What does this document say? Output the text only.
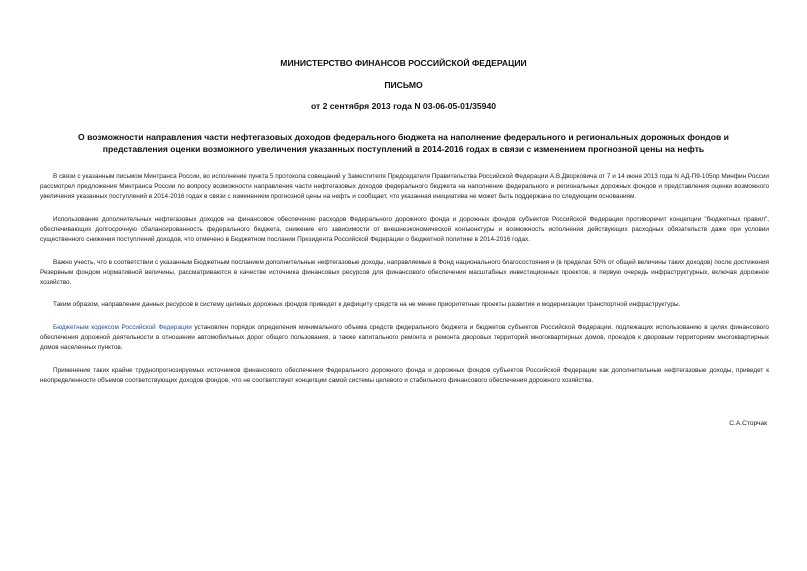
МИНИСТЕРСТВО ФИНАНСОВ РОССИЙСКОЙ ФЕДЕРАЦИИ
ПИСЬМО
от 2 сентября 2013 года N 03-06-05-01/35940
О возможности направления части нефтегазовых доходов федерального бюджета на наполнение федерального и региональных дорожных фондов и представления оценки возможного увеличения указанных поступлений в 2014-2016 годах в связи с изменением прогнозной цены на нефть

В связи с указанным письмом Минтранса России, во исполнение пункта 5 протокола совещаний у Заместителя Председателя Правительства Российской Федерации А.В.Дворковича от 7 и 14 июня 2013 года N АД-П9-105пр Минфин России рассмотрел предложения Минтранса России по вопросу возможности направления части нефтегазовых доходов федерального бюджета на наполнение федерального и региональных дорожных фондов и представления оценки возможного увеличения указанных поступлений в 2014-2016 годах в связи с изменением прогнозной цены на нефть и сообщает, что указанная инициатива не может быть поддержана по следующим основаниям.

Использование дополнительных нефтегазовых доходов на финансовое обеспечение расходов Федерального дорожного фонда и дорожных фондов субъектов Российской Федерации противоречит концепции "бюджетных правил", обеспечивающих долгосрочную сбалансированность федерального бюджета, снижение его зависимости от внешнеэкономической конъюнктуры и возможность исполнения действующих расходных обязательств даже при условии существенного снижения поступлений доходов, что отмечено в Бюджетном послании Президента Российской Федерации о бюджетной политике в 2014-2016 годах.

Важно учесть, что в соответствии с указанным Бюджетным посланием дополнительные нефтегазовые доходы, направляемые в Фонд национального благосостояния и (в пределах 50% от общей величины таких доходов) после достижения Резервным фондом нормативной величины, рассматриваются в качестве источника финансовых ресурсов для финансового обеспечения масштабных инвестиционных проектов, в первую очередь инфраструктурных, включая дорожное хозяйство.

Таким образом, направление данных ресурсов в систему целевых дорожных фондов приведет к дефициту средств на не менее приоритетные проекты развития и модернизации транспортной инфраструктуры.

Бюджетным кодексом Российской Федерации установлен порядок определения минимального объема средств федерального бюджета и бюджетов субъектов Российской Федерации, подлежащих использованию в целях финансового обеспечения дорожной деятельности в отношении автомобильных дорог общего пользования, а также капитального ремонта и ремонта дворовых территорий многоквартирных домов, проездов к дворовым территориям многоквартирных домов населенных пунктов.

Применение таких крайне труднопрогнозируемых источников финансового обеспечения Федерального дорожного фонда и дорожных фондов субъектов Российской Федерации как дополнительные нефтегазовые доходы, приведет к неопределенности объемов соответствующих доходов фондов, что не соответствует концепции самой системы целевого и стабильного финансового обеспечения дорожного хозяйства.

С.А.Сторчак
